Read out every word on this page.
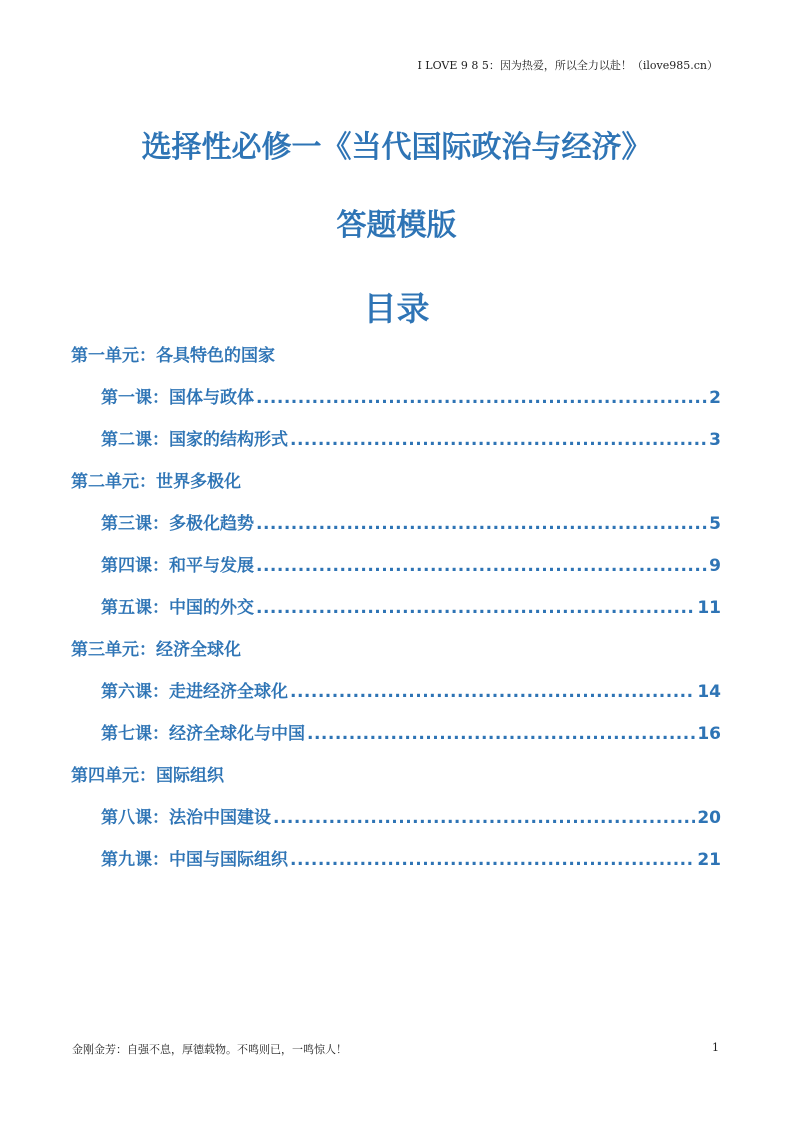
I LOVE 9 8 5：因为热爱，所以全力以赴！（ilove985.cn）
选择性必修一《当代国际政治与经济》
答题模版
目录
第一单元：各具特色的国家
第一课：国体与政体 .....	2
第二课：国家的结构形式 .....	3
第二单元：世界多极化
第三课：多极化趋势 .....	5
第四课：和平与发展 .....	9
第五课：中国的外交 .....	11
第三单元：经济全球化
第六课：走进经济全球化 .....	14
第七课：经济全球化与中国 .....	16
第四单元：国际组织
第八课：法治中国建设 .....	20
第九课：中国与国际组织 .....	21
金刚金芳：自强不息，厚德载物。不鸣则已，一鸣惊人！	1
